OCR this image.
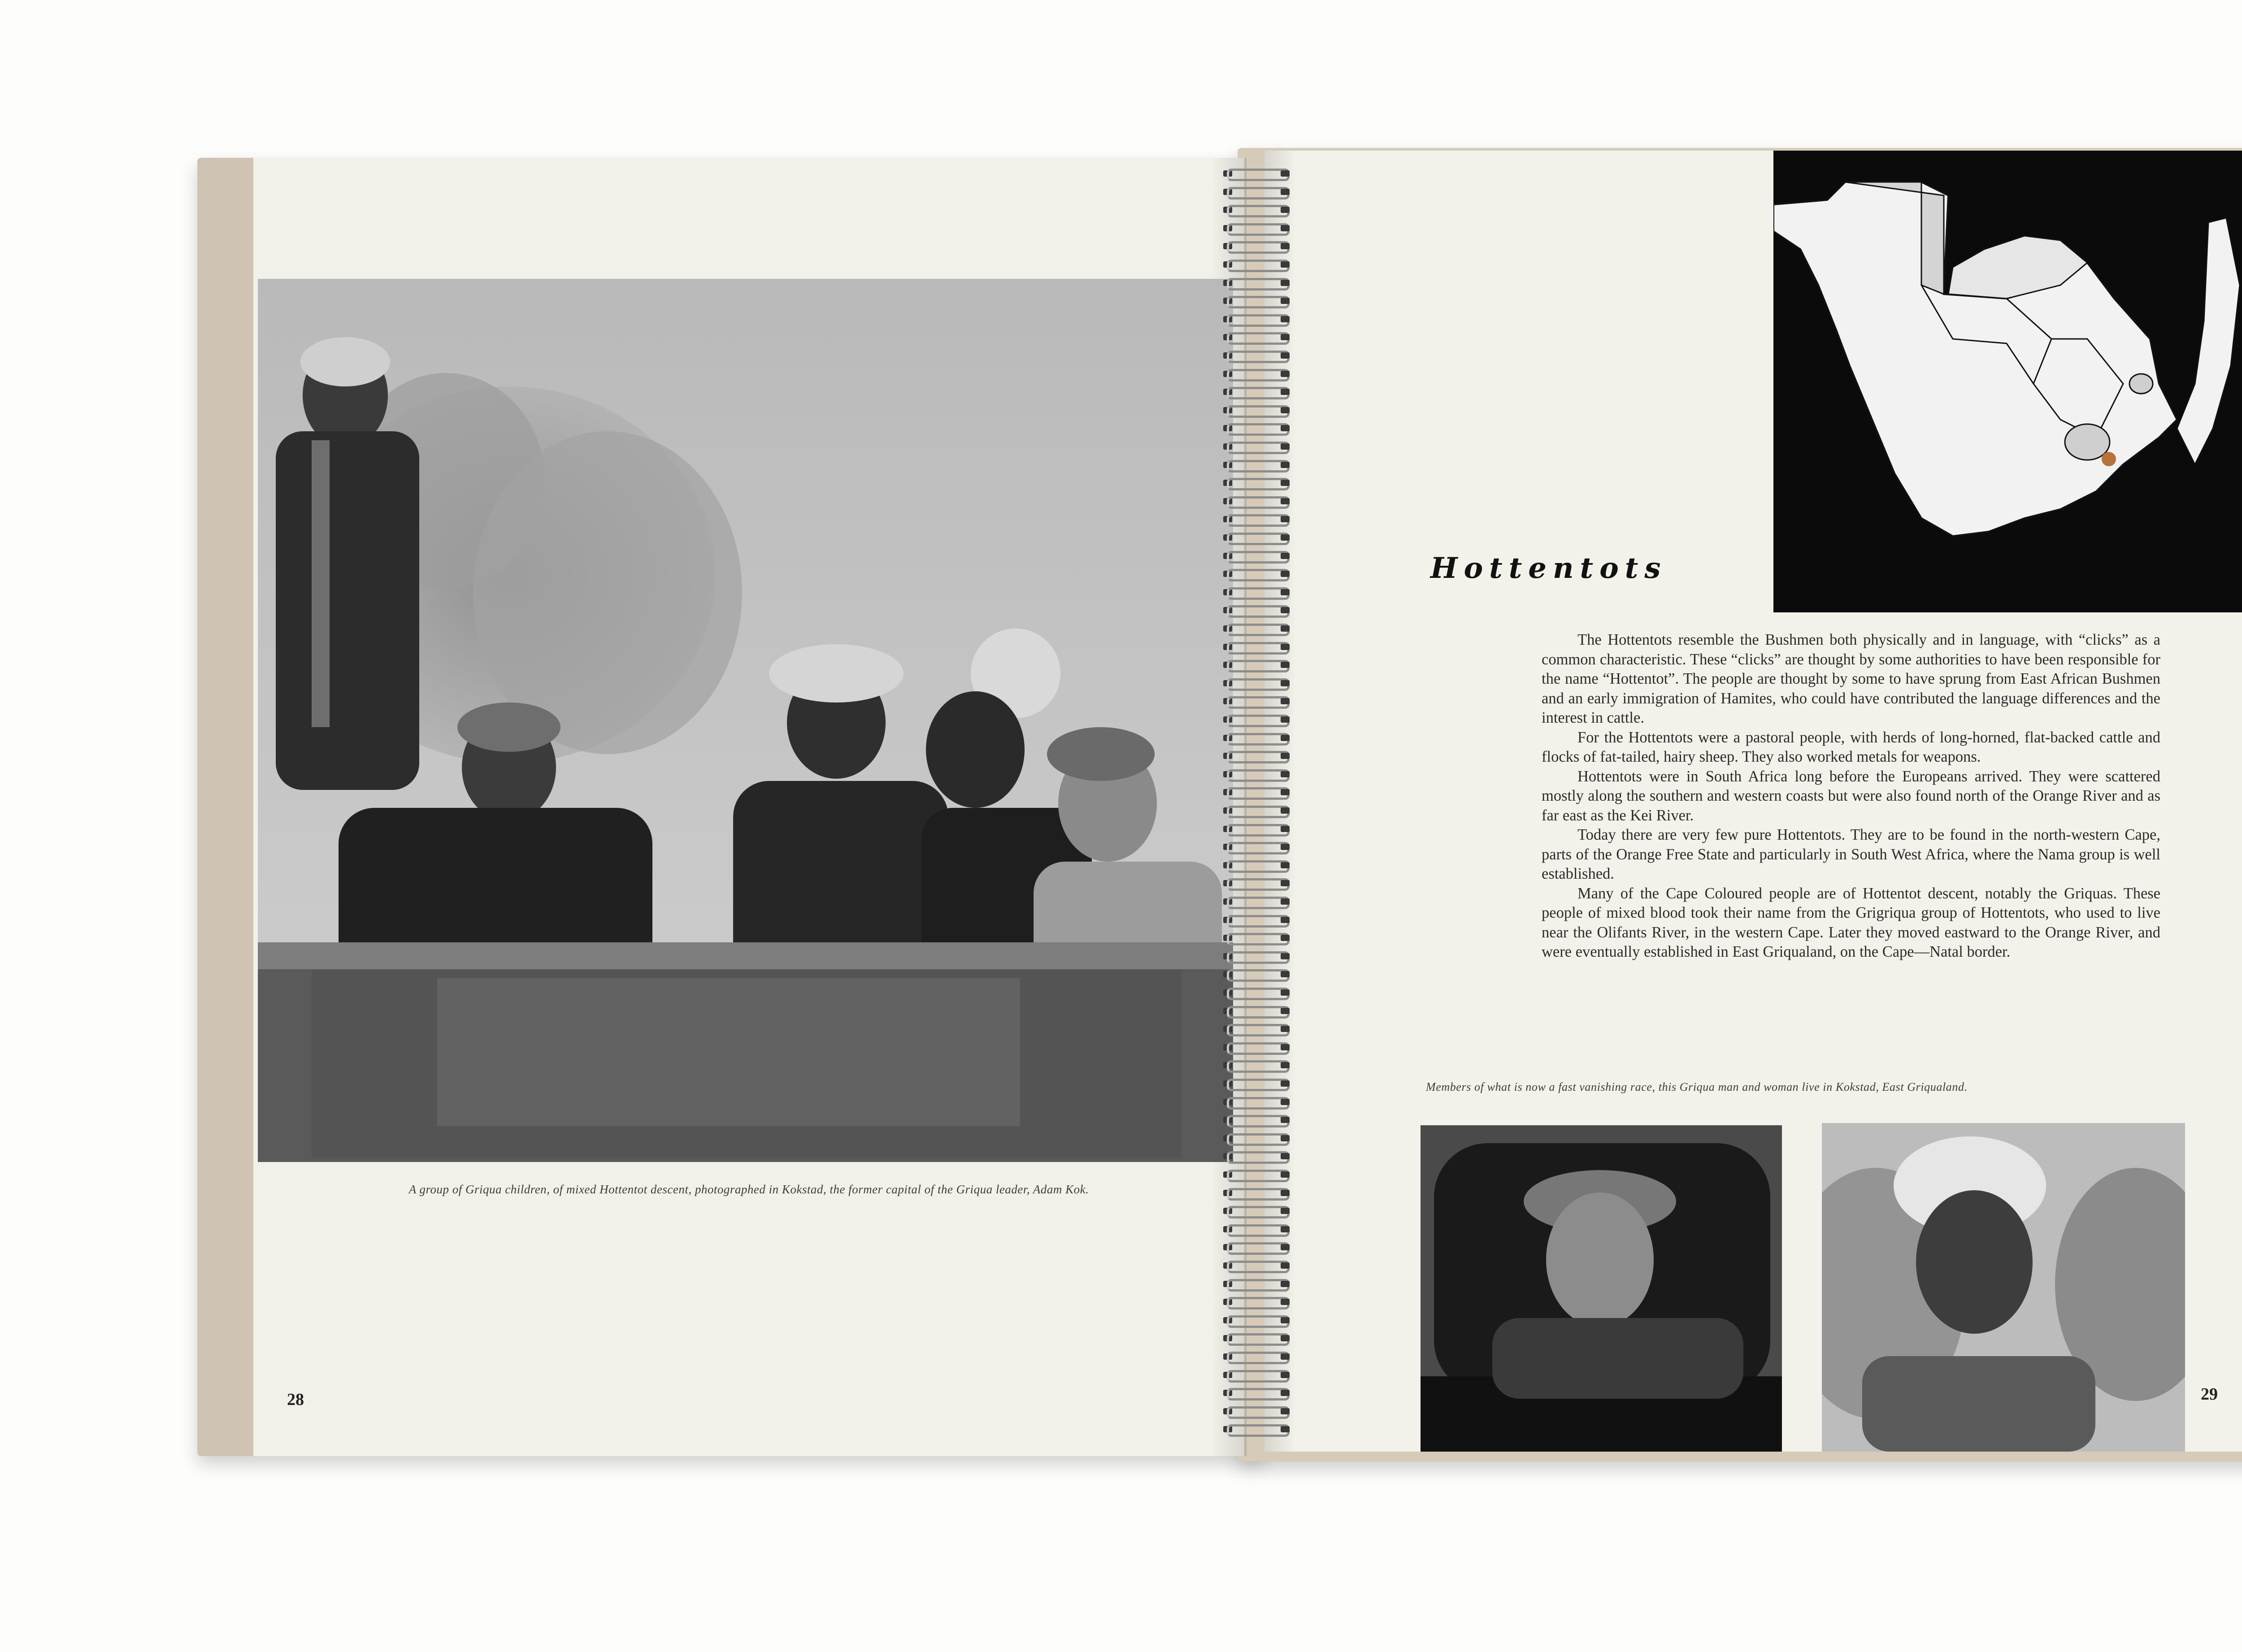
A group of Griqua children, of mixed Hottentot descent, photographed in Kokstad, the former capital of the Griqua leader, Adam Kok.
28
Hottentots

The Hottentots resemble the Bushmen both physically and in language, with “clicks” as a common characteristic. These “clicks” are thought by some authorities to have been responsible for the name “Hottentot”. The people are thought by some to have sprung from East African Bushmen and an early immigration of Hamites, who could have contributed the language differences and the interest in cattle.

For the Hottentots were a pastoral people, with herds of long-horned, flat-backed cattle and flocks of fat-tailed, hairy sheep. They also worked metals for weapons.

Hottentots were in South Africa long before the Europeans arrived. They were scattered mostly along the southern and western coasts but were also found north of the Orange River and as far east as the Kei River.

Today there are very few pure Hottentots. They are to be found in the north-western Cape, parts of the Orange Free State and particularly in South West Africa, where the Nama group is well established.

Many of the Cape Coloured people are of Hottentot descent, notably the Griquas. These people of mixed blood took their name from the Grigriqua group of Hottentots, who used to live near the Olifants River, in the western Cape. Later they moved eastward to the Orange River, and were eventually established in East Griqualand, on the Cape—Natal border.

Members of what is now a fast vanishing race, this Griqua man and woman live in Kokstad, East Griqualand.
29
